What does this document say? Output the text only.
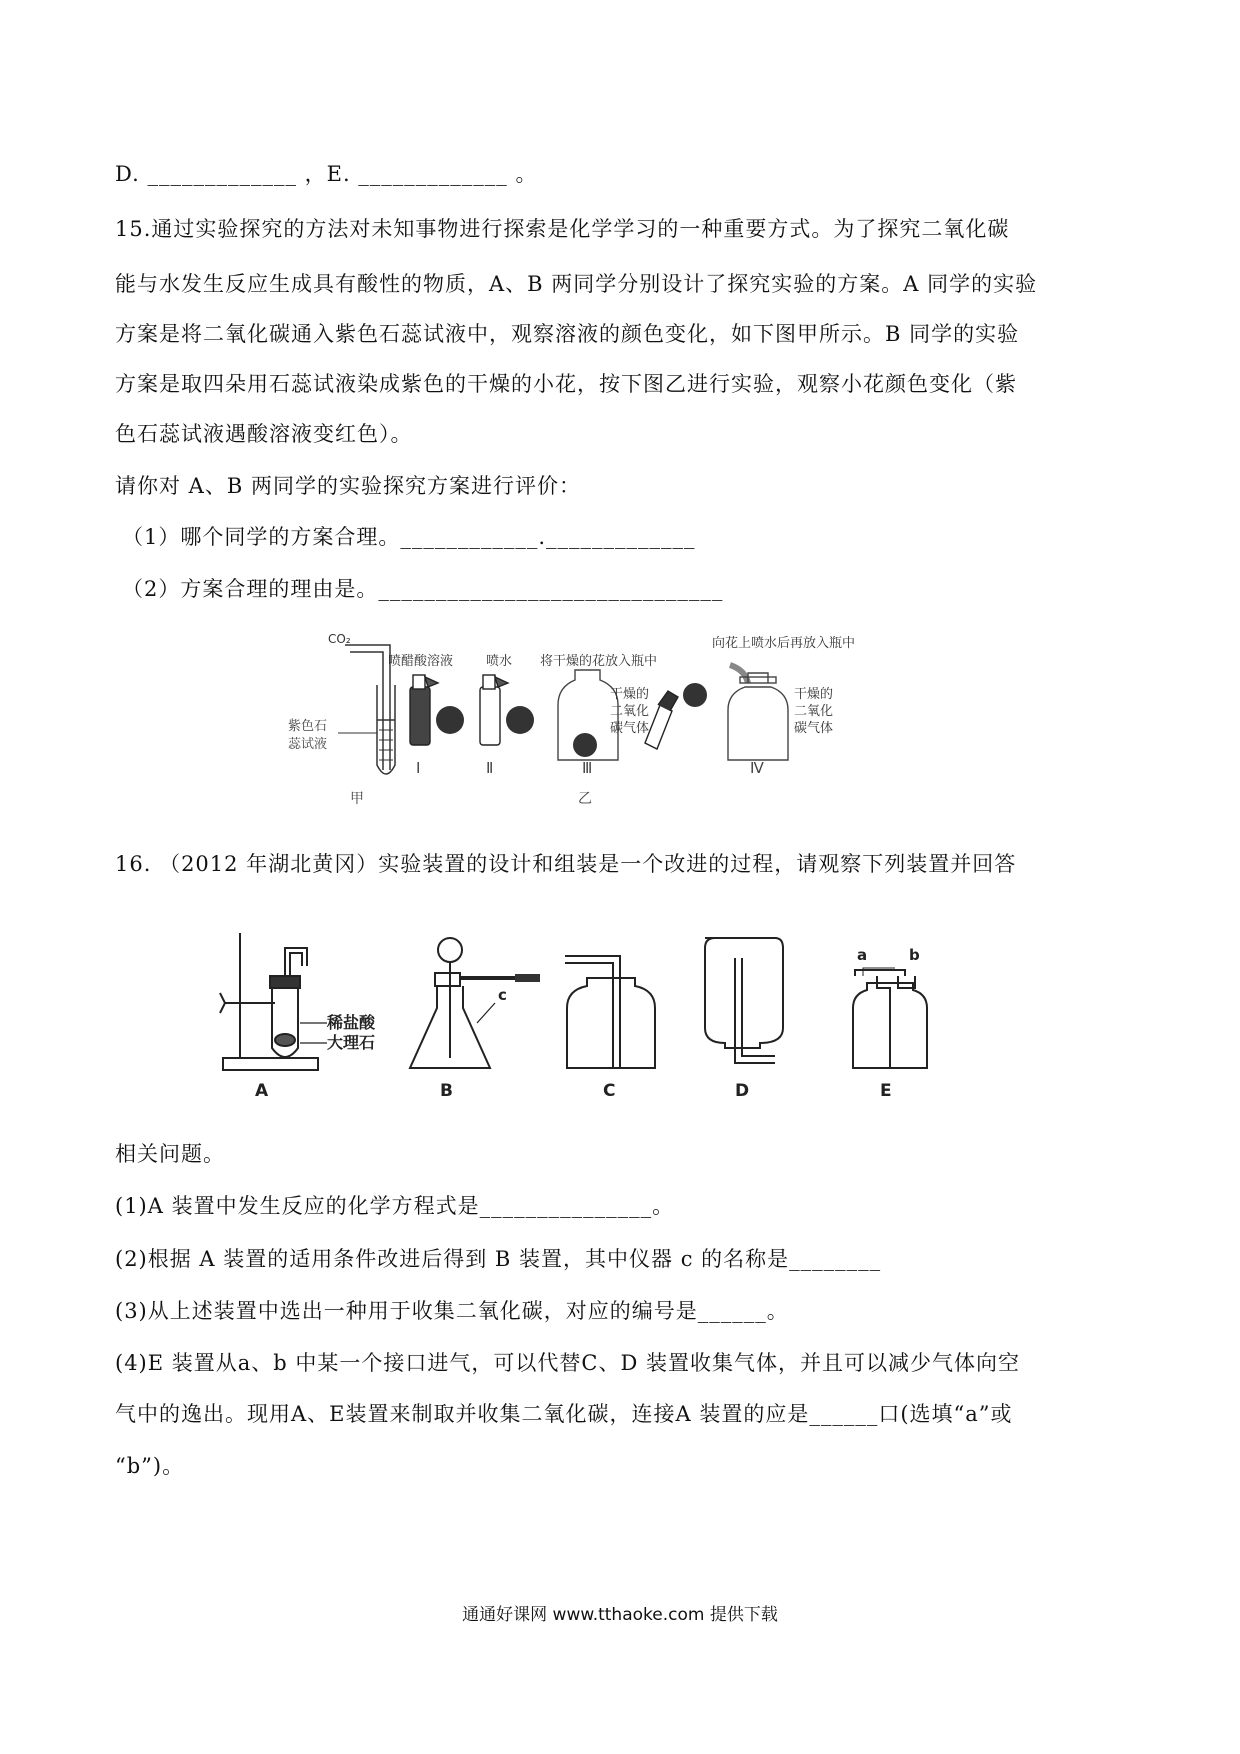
D. _____________ ，E. _____________ 。
15.通过实验探究的方法对未知事物进行探索是化学学习的一种重要方式。为了探究二氧化碳
能与水发生反应生成具有酸性的物质，A、B 两同学分别设计了探究实验的方案。A 同学的实验
方案是将二氧化碳通入紫色石蕊试液中，观察溶液的颜色变化，如下图甲所示。B 同学的实验
方案是取四朵用石蕊试液染成紫色的干燥的小花，按下图乙进行实验，观察小花颜色变化（紫
色石蕊试液遇酸溶液变红色）。
请你对 A、B 两同学的实验探究方案进行评价：
（1）哪个同学的方案合理。____________._____________
（2）方案合理的理由是。______________________________
CO₂
紫色石
蕊试液
甲
喷醋酸溶液
Ⅰ
喷水
Ⅱ
将干燥的花放入瓶中
干燥的
二氧化
碳气体
Ⅲ
向花上喷水后再放入瓶中
干燥的
二氧化
碳气体
Ⅳ
乙
16. （2012 年湖北黄冈）实验装置的设计和组装是一个改进的过程，请观察下列装置并回答
稀盐酸
大理石
A
c
B	C	D
a	b
E
相关问题。
(1)A 装置中发生反应的化学方程式是_______________。
(2)根据 A 装置的适用条件改进后得到 B 装置，其中仪器 c 的名称是________
(3)从上述装置中选出一种用于收集二氧化碳，对应的编号是______。
(4)E 装置从a、b 中某一个接口进气，可以代替C、D 装置收集气体，并且可以减少气体向空
气中的逸出。现用A、E装置来制取并收集二氧化碳，连接A 装置的应是______口(选填“a”或
“b”)。
通通好课网 www.tthaoke.com 提供下载
